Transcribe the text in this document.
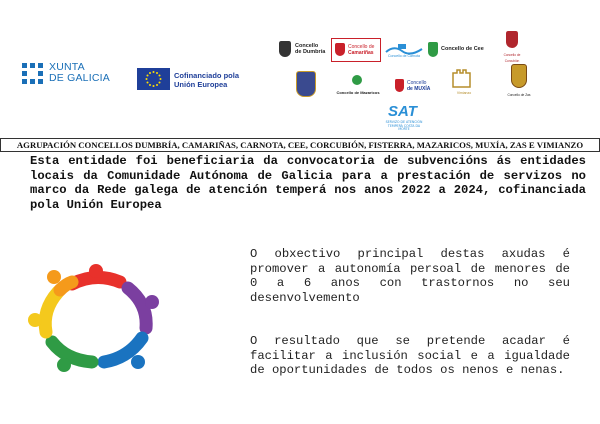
XUNTA
DE GALICIA	Cofinanciado pola
Unión Europea
Concello
de Dumbría
Concello de
Camariñas	Concello de Carnota
Concello de Cee
Concello de Corcubión
Concello de Mazaricos
Concello
de MUXÍA
Vimianzo	Concello de Zas
SAT
SERVIZO DE ATENCIÓN TEMPERÁ COSTA DA MORTE
AGRUPACIÓN CONCELLOS DUMBRÍA, CAMARIÑAS, CARNOTA, CEE, CORCUBIÓN, FISTERRA, MAZARICOS, MUXÍA, ZAS E VIMIANZO
Esta entidade foi beneficiaria da convocatoria de subvencións ás entidades locais da Comunidade Autónoma de Galicia para a prestación de servizos no marco da Rede galega de atención temperá nos anos 2022 a 2024, cofinanciada pola Unión Europea
O obxectivo principal destas axudas é promover a autonomía persoal de menores de 0 a 6 anos con trastornos no seu desenvolvemento
O resultado que se pretende acadar é facilitar a inclusión social e a igualdade de oportunidades de todos os nenos e nenas.
